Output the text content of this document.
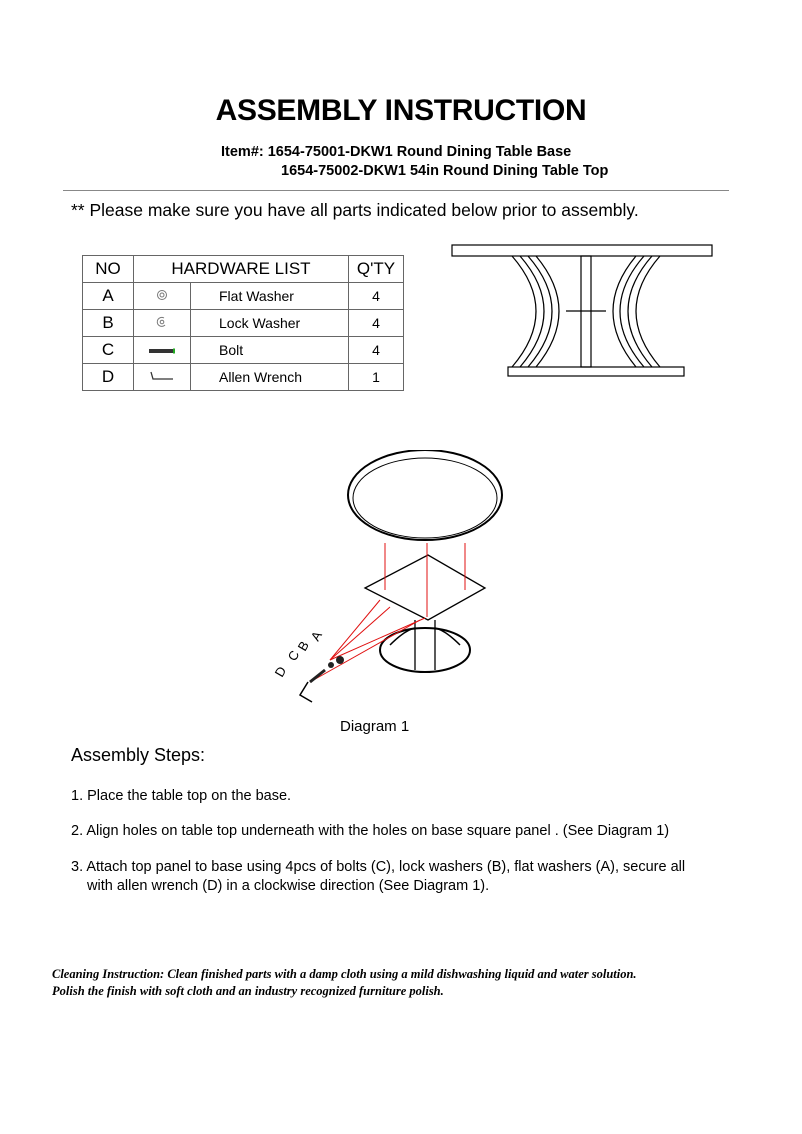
ASSEMBLY INSTRUCTION
Item#: 1654-75001-DKW1 Round Dining Table Base
1654-75002-DKW1 54in Round Dining Table Top
** Please make sure you have all parts indicated below prior to assembly.
NO	HARDWARE LIST		Q'TY
A		Flat Washer	4
B		Lock Washer	4
C		Bolt	4
D		Allen Wrench	1
A
B
C
D
Diagram 1
Assembly Steps:
1. Place the table top on the base.
2. Align holes on table top underneath with the holes on base square panel . (See Diagram 1)
3. Attach top panel to base using 4pcs of bolts (C), lock washers (B), flat washers (A), secure all
with allen wrench (D) in a clockwise direction (See Diagram 1).
Cleaning Instruction: Clean finished parts with a damp cloth using a mild dishwashing liquid and water solution.
Polish the finish with soft cloth and an industry recognized furniture polish.
